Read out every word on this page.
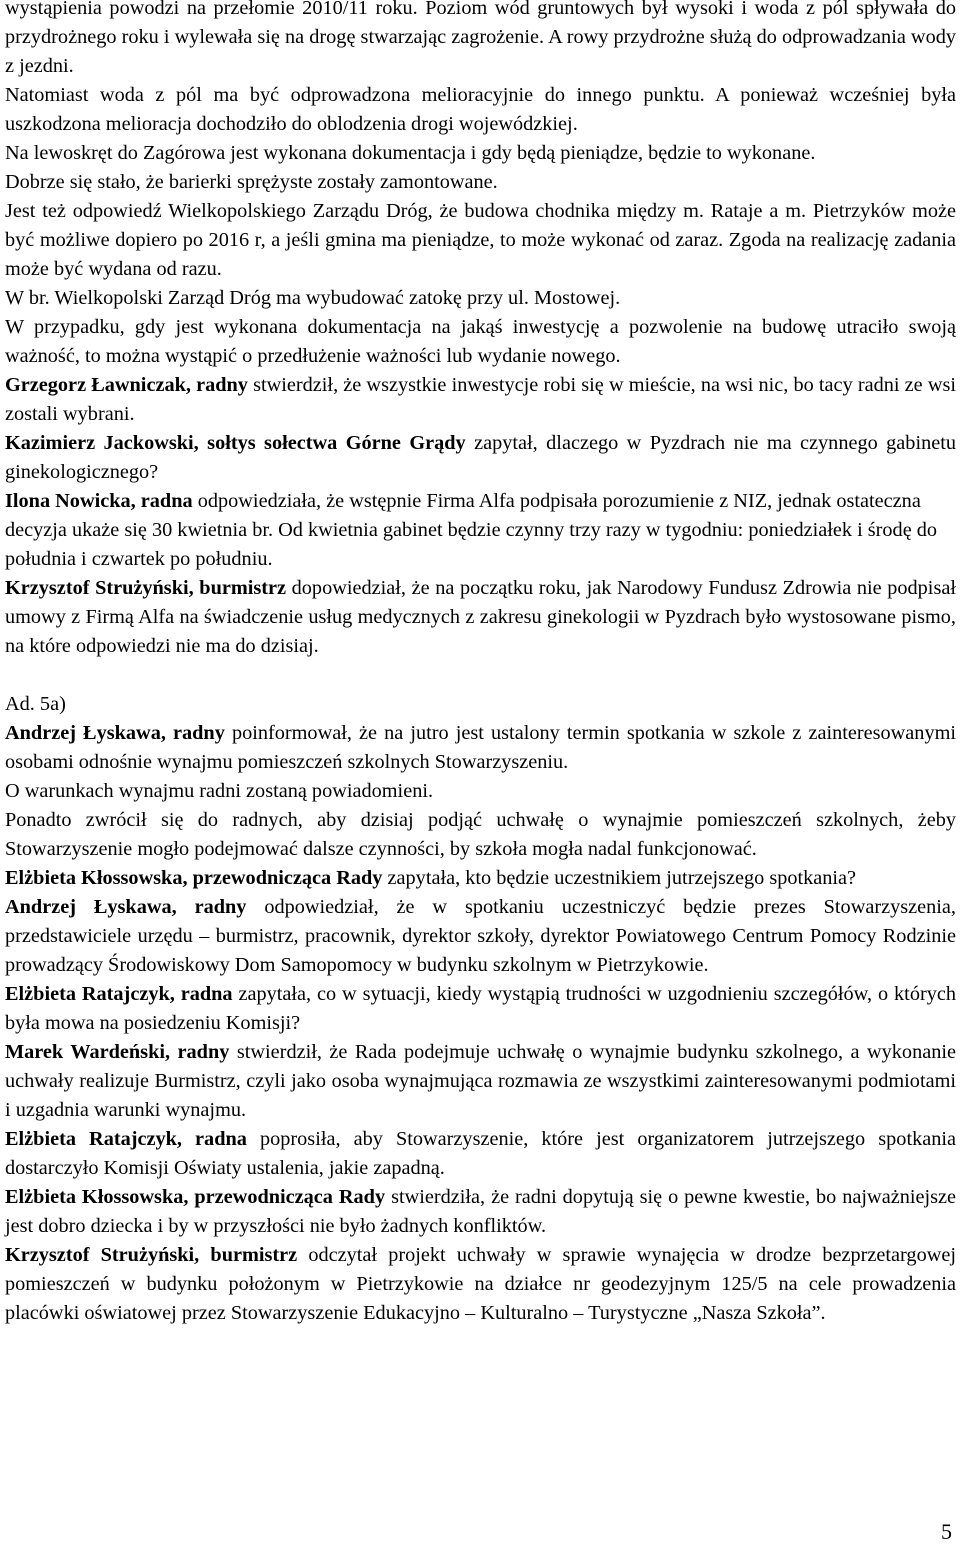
wystąpienia powodzi na przełomie 2010/11 roku. Poziom wód gruntowych był wysoki i woda z pól spływała do przydrożnego roku i wylewała się na drogę stwarzając zagrożenie. A rowy przydrożne służą do odprowadzania wody z jezdni.

Natomiast woda z pól ma być odprowadzona melioracyjnie do innego punktu. A ponieważ wcześniej była uszkodzona melioracja dochodziło do oblodzenia drogi wojewódzkiej.

Na lewoskręt do Zagórowa jest wykonana dokumentacja i gdy będą pieniądze, będzie to wykonane.

Dobrze się stało, że barierki sprężyste zostały zamontowane.

Jest też odpowiedź Wielkopolskiego Zarządu Dróg, że budowa chodnika między m. Rataje a m. Pietrzyków może być możliwe dopiero po 2016 r, a jeśli gmina ma pieniądze, to może wykonać od zaraz. Zgoda na realizację zadania może być wydana od razu.

W br. Wielkopolski Zarząd Dróg ma wybudować zatokę przy ul. Mostowej.

W przypadku, gdy jest wykonana dokumentacja na jakąś inwestycję a pozwolenie na budowę utraciło swoją ważność, to można wystąpić o przedłużenie ważności lub wydanie nowego.

Grzegorz Ławniczak, radny stwierdził, że wszystkie inwestycje robi się w mieście, na wsi nic, bo tacy radni ze wsi zostali wybrani.

Kazimierz Jackowski, sołtys sołectwa Górne Grądy zapytał, dlaczego w Pyzdrach nie ma czynnego gabinetu ginekologicznego?

Ilona Nowicka, radna odpowiedziała, że wstępnie Firma Alfa podpisała porozumienie z NIZ, jednak ostateczna decyzja ukaże się 30 kwietnia br. Od kwietnia gabinet będzie czynny trzy razy w tygodniu: poniedziałek i środę do południa i czwartek po południu.

Krzysztof Strużyński, burmistrz dopowiedział, że na początku roku, jak Narodowy Fundusz Zdrowia nie podpisał umowy z Firmą Alfa na świadczenie usług medycznych z zakresu ginekologii w Pyzdrach było wystosowane pismo, na które odpowiedzi nie ma do dzisiaj.

Ad. 5a)

Andrzej Łyskawa, radny poinformował, że na jutro jest ustalony termin spotkania w szkole z zainteresowanymi osobami odnośnie wynajmu pomieszczeń szkolnych Stowarzyszeniu.

O warunkach wynajmu radni zostaną powiadomieni.

Ponadto zwrócił się do radnych, aby dzisiaj podjąć uchwałę o wynajmie pomieszczeń szkolnych, żeby Stowarzyszenie mogło podejmować dalsze czynności, by szkoła mogła nadal funkcjonować.

Elżbieta Kłossowska, przewodnicząca Rady zapytała, kto będzie uczestnikiem jutrzejszego spotkania?

Andrzej Łyskawa, radny odpowiedział, że w spotkaniu uczestniczyć będzie prezes Stowarzyszenia, przedstawiciele urzędu – burmistrz, pracownik, dyrektor szkoły, dyrektor Powiatowego Centrum Pomocy Rodzinie prowadzący Środowiskowy Dom Samopomocy w budynku szkolnym w Pietrzykowie.

Elżbieta Ratajczyk, radna zapytała, co w sytuacji, kiedy wystąpią trudności w uzgodnieniu szczegółów, o których była mowa na posiedzeniu Komisji?

Marek Wardeński, radny stwierdził, że Rada podejmuje uchwałę o wynajmie budynku szkolnego, a wykonanie uchwały realizuje Burmistrz, czyli jako osoba wynajmująca rozmawia ze wszystkimi zainteresowanymi podmiotami i uzgadnia warunki wynajmu.

Elżbieta Ratajczyk, radna poprosiła, aby Stowarzyszenie, które jest organizatorem jutrzejszego spotkania dostarczyło Komisji Oświaty ustalenia, jakie zapadną.

Elżbieta Kłossowska, przewodnicząca Rady stwierdziła, że radni dopytują się o pewne kwestie, bo najważniejsze jest dobro dziecka i by w przyszłości nie było żadnych konfliktów.

Krzysztof Strużyński, burmistrz odczytał projekt uchwały w sprawie wynajęcia w drodze bezprzetargowej pomieszczeń w budynku położonym w Pietrzykowie na działce nr geodezyjnym 125/5 na cele prowadzenia placówki oświatowej przez Stowarzyszenie Edukacyjno – Kulturalno – Turystyczne „Nasza Szkoła”.

5
